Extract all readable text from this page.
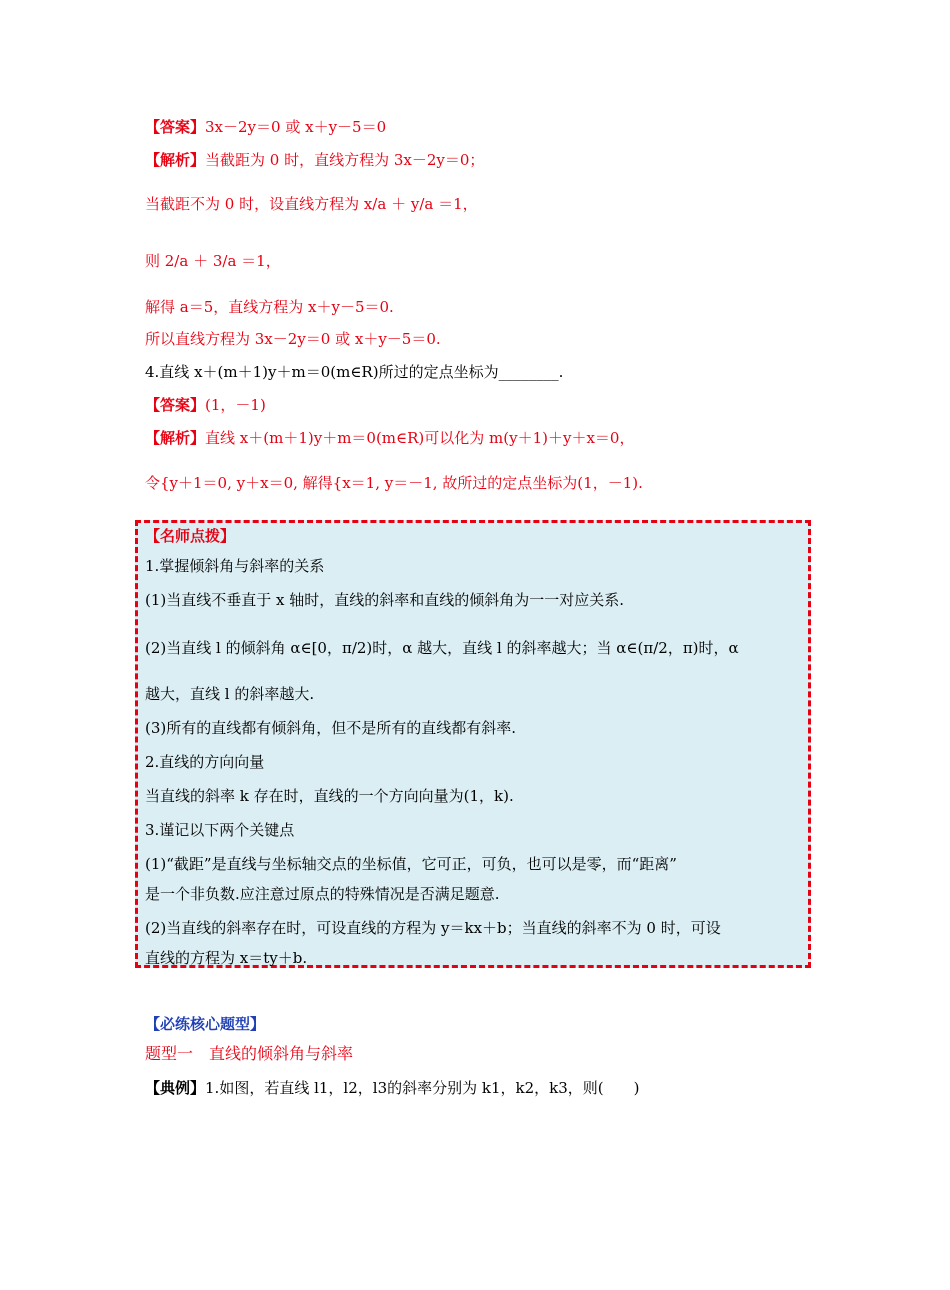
【答案】3x－2y＝0 或 x＋y－5＝0
【解析】当截距为 0 时，直线方程为 3x－2y＝0；
当截距不为 0 时，设直线方程为 x/a ＋ y/a ＝1，
则 2/a ＋ 3/a ＝1，
解得 a＝5，直线方程为 x＋y－5＝0.
所以直线方程为 3x－2y＝0 或 x＋y－5＝0.
4.直线 x＋(m＋1)y＋m＝0(m∈R)所过的定点坐标为________.
【答案】(1，－1)
【解析】直线 x＋(m＋1)y＋m＝0(m∈R)可以化为 m(y＋1)＋y＋x＝0，
令{y＋1＝0, y＋x＝0, 解得{x＝1, y＝－1, 故所过的定点坐标为(1，－1).
【名师点拨】
1.掌握倾斜角与斜率的关系
(1)当直线不垂直于 x 轴时，直线的斜率和直线的倾斜角为一一对应关系.
(2)当直线 l 的倾斜角 α∈[0，π/2)时，α 越大，直线 l 的斜率越大；当 α∈(π/2，π)时，α
越大，直线 l 的斜率越大.
(3)所有的直线都有倾斜角，但不是所有的直线都有斜率.
2.直线的方向向量
当直线的斜率 k 存在时，直线的一个方向向量为(1，k).
3.谨记以下两个关键点
(1)“截距”是直线与坐标轴交点的坐标值，它可正，可负，也可以是零，而“距离”
是一个非负数.应注意过原点的特殊情况是否满足题意.
(2)当直线的斜率存在时，可设直线的方程为 y＝kx＋b；当直线的斜率不为 0 时，可设
直线的方程为 x＝ty＋b.
【必练核心题型】
题型一　直线的倾斜角与斜率
【典例】1.如图，若直线 l1，l2，l3的斜率分别为 k1，k2，k3，则(　　)
